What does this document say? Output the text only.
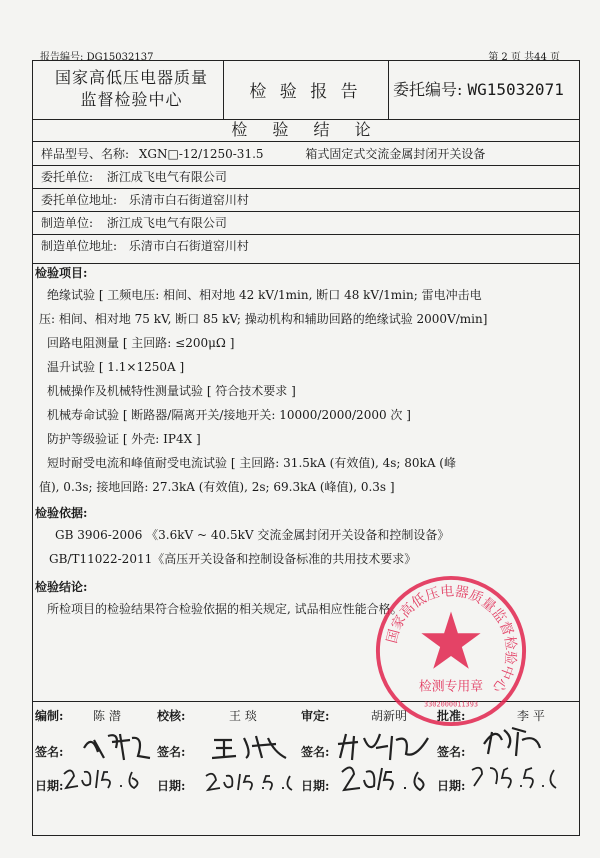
报告编号: DG15032137	第 2 页 共44 页
国家高低压电器质量
监督检验中心	检 验 报 告	委托编号: WG15032071
检 验 结 论
样品型号、名称: XGN□-12/1250-31.5	箱式固定式交流金属封闭开关设备
委托单位: 浙江成飞电气有限公司
委托单位地址: 乐清市白石街道窑川村
制造单位: 浙江成飞电气有限公司
制造单位地址: 乐清市白石街道窑川村
检验项目:
绝缘试验 [ 工频电压: 相间、相对地 42 kV/1min, 断口 48 kV/1min; 雷电冲击电
压: 相间、相对地 75 kV, 断口 85 kV; 操动机构和辅助回路的绝缘试验 2000V/min]
回路电阻测量 [ 主回路: ≤200μΩ ]
温升试验 [ 1.1×1250A ]
机械操作及机械特性测量试验 [ 符合技术要求 ]
机械寿命试验 [ 断路器/隔离开关/接地开关: 10000/2000/2000 次 ]
防护等级验证 [ 外壳: IP4X ]
短时耐受电流和峰值耐受电流试验 [ 主回路: 31.5kA (有效值), 4s; 80kA (峰
值), 0.3s; 接地回路: 27.3kA (有效值), 2s; 69.3kA (峰值), 0.3s ]
检验依据:
GB 3906-2006 《3.6kV ~ 40.5kV 交流金属封闭开关设备和控制设备》
GB/T11022-2011《高压开关设备和控制设备标准的共用技术要求》
检验结论:
所检项目的检验结果符合检验依据的相关规定, 试品相应性能合格。
编制: 陈 潜	校核:	王 琰	审定:	胡新明 批准:	李 平
签名:	签名:	签名:	签名:
日期:	日期:	日期:	日期:
国家高低压电器质量监督检验中心
检测专用章
3302000011393
